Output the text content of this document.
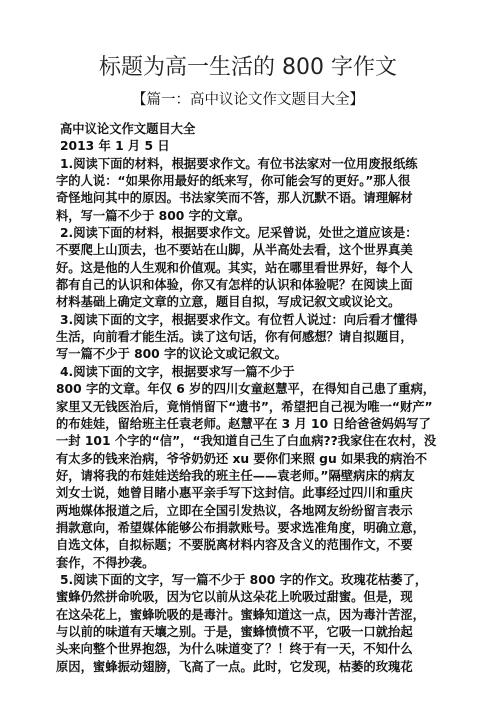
标题为高一生活的 800 字作文
【篇一：高中议论文作文题目大全】
高中议论文作文题目大全
2013 年 1 月 5 日
1.阅读下面的材料，根据要求作文。有位书法家对一位用废报纸练
字的人说：“如果你用最好的纸来写，你可能会写的更好。”那人很
奇怪地问其中的原因。书法家笑而不答，那人沉默不语。请理解材
料，写一篇不少于 800 字的文章。
2.阅读下面的材料，根据要求作文。尼采曾说，处世之道应该是：
不要爬上山顶去，也不要站在山脚，从半高处去看，这个世界真美
好。这是他的人生观和价值观。其实，站在哪里看世界好，每个人
都有自己的认识和体验，你又有怎样的认识和体验呢？在阅读上面
材料基础上确定文章的立意，题目自拟，写成记叙文或议论文。
3.阅读下面的文字，根据要求作文。有位哲人说过：向后看才懂得
生活，向前看才能生活。读了这句话，你有何感想？请自拟题目，
写一篇不少于 800 字的议论文或记叙文。
4.阅读下面的文字，根据要求写一篇不少于
800 字的文章。年仅 6 岁的四川女童赵慧平，在得知自己患了重病，
家里又无钱医治后，竟悄悄留下“遗书”，希望把自己视为唯一“财产”
的布娃娃，留给班主任袁老师。赵慧平在 3 月 10 日给爸爸妈妈写了
一封 101 个字的“信”，“我知道自己生了白血病??我家住在农村，没
有太多的钱来治病，爷爷奶奶还 xu 要你们来照 gu 如果我的病治不
好，请将我的布娃娃送给我的班主任——袁老师。”隔壁病床的病友
刘女士说，她曾目睹小惠平亲手写下这封信。此事经过四川和重庆
两地媒体报道之后，立即在全国引发热议，各地网友纷纷留言表示
捐款意向，希望媒体能够公布捐款账号。要求选准角度，明确立意，
自选文体，自拟标题；不要脱离材料内容及含义的范围作文，不要
套作，不得抄袭。
5.阅读下面的文字，写一篇不少于 800 字的作文。玫瑰花枯萎了，
蜜蜂仍然拼命吮吸，因为它以前从这朵花上吮吸过甜蜜。但是，现
在这朵花上，蜜蜂吮吸的是毒汁。蜜蜂知道这一点，因为毒汁苦涩，
与以前的味道有天壤之别。于是，蜜蜂愤愤不平，它吸一口就抬起
头来向整个世界抱怨，为什么味道变了？！终于有一天，不知什么
原因，蜜蜂振动翅膀，飞高了一点。此时，它发现，枯萎的玫瑰花
